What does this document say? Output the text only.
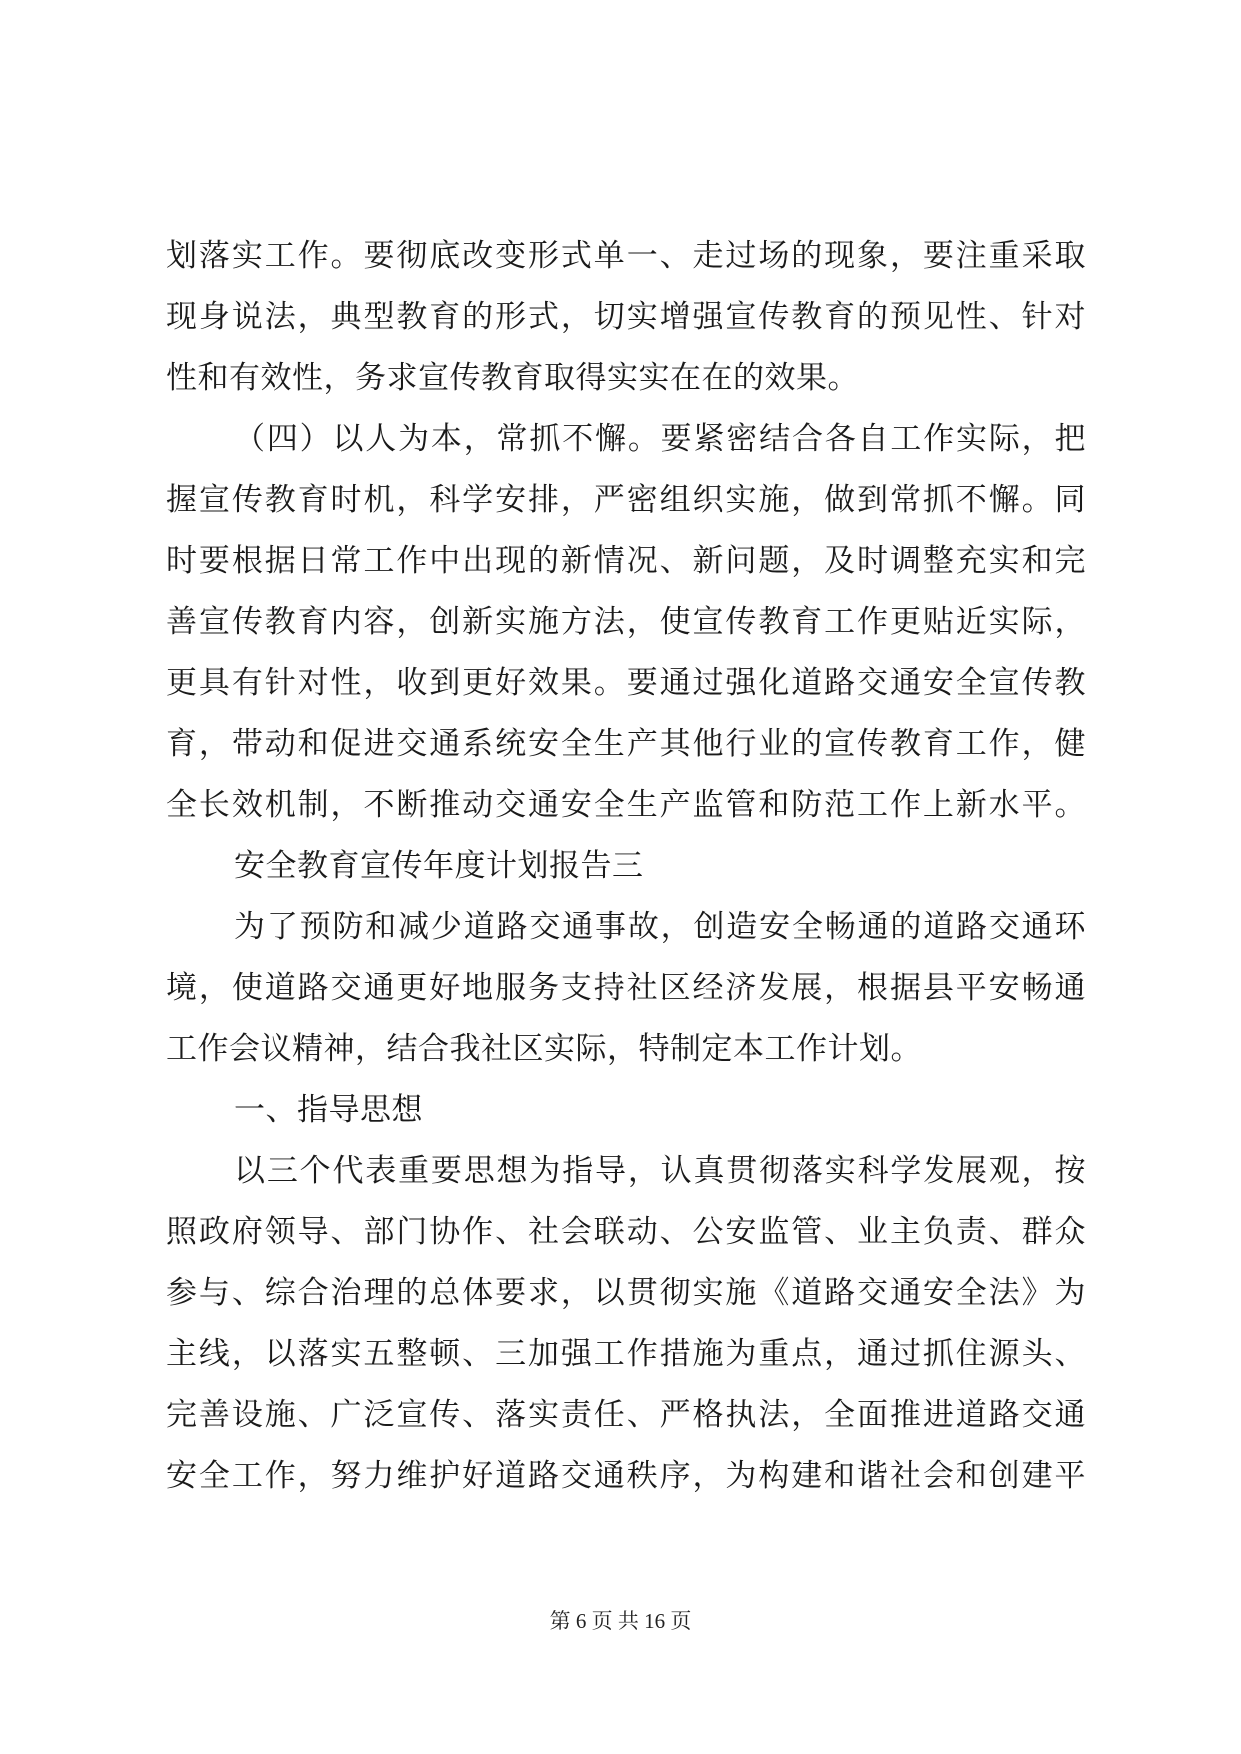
划落实工作。要彻底改变形式单一、走过场的现象，要注重采取
现身说法，典型教育的形式，切实增强宣传教育的预见性、针对
性和有效性，务求宣传教育取得实实在在的效果。
（四）以人为本，常抓不懈。要紧密结合各自工作实际，把
握宣传教育时机，科学安排，严密组织实施，做到常抓不懈。同
时要根据日常工作中出现的新情况、新问题，及时调整充实和完
善宣传教育内容，创新实施方法，使宣传教育工作更贴近实际，
更具有针对性，收到更好效果。要通过强化道路交通安全宣传教
育，带动和促进交通系统安全生产其他行业的宣传教育工作，健
全长效机制，不断推动交通安全生产监管和防范工作上新水平。
安全教育宣传年度计划报告三
为了预防和减少道路交通事故，创造安全畅通的道路交通环
境，使道路交通更好地服务支持社区经济发展，根据县平安畅通
工作会议精神，结合我社区实际，特制定本工作计划。
一、指导思想
以三个代表重要思想为指导，认真贯彻落实科学发展观，按
照政府领导、部门协作、社会联动、公安监管、业主负责、群众
参与、综合治理的总体要求，以贯彻实施《道路交通安全法》为
主线，以落实五整顿、三加强工作措施为重点，通过抓住源头、
完善设施、广泛宣传、落实责任、严格执法，全面推进道路交通
安全工作，努力维护好道路交通秩序，为构建和谐社会和创建平
第 6 页 共 16 页
